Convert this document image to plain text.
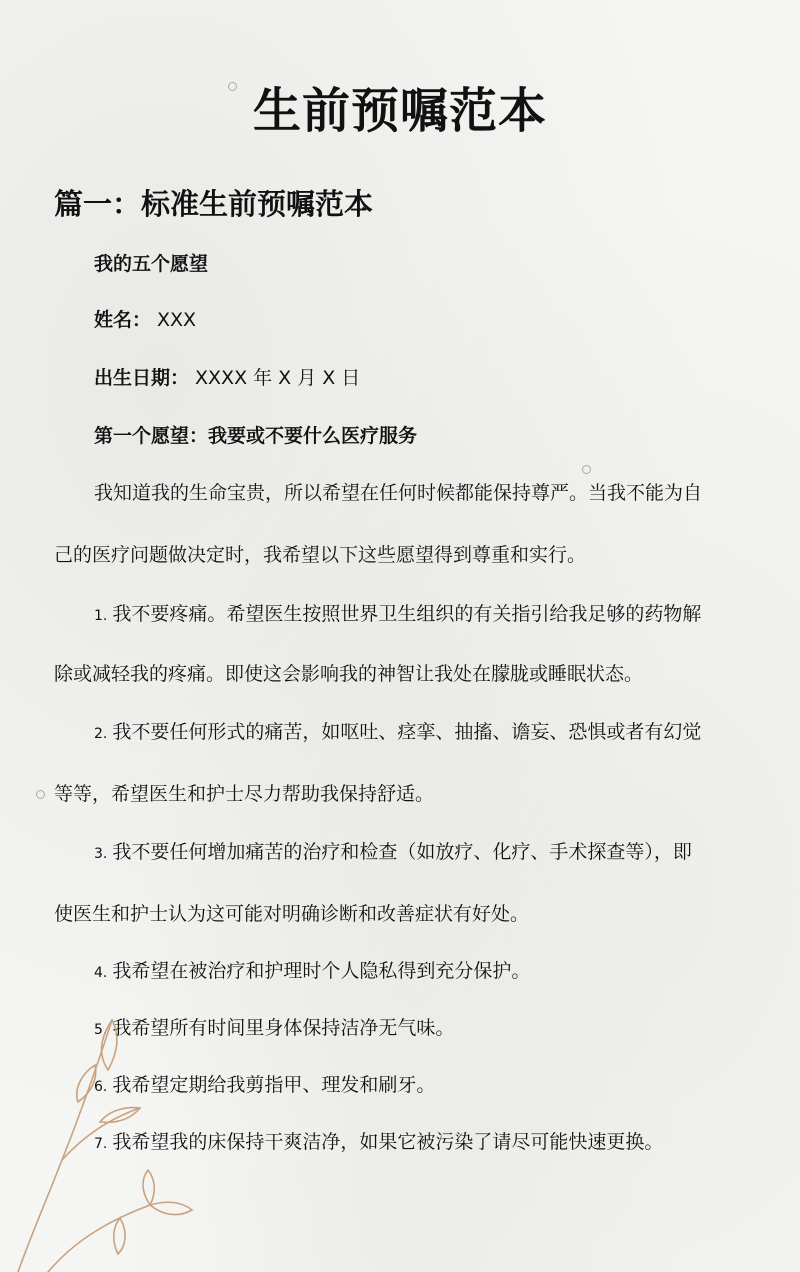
生前预嘱范本
篇一：标准生前预嘱范本
我的五个愿望
姓名： XXX
出生日期： XXXX 年 X 月 X 日
第一个愿望：我要或不要什么医疗服务
我知道我的生命宝贵，所以希望在任何时候都能保持尊严。当我不能为自
己的医疗问题做决定时，我希望以下这些愿望得到尊重和实行。
1. 我不要疼痛。希望医生按照世界卫生组织的有关指引给我足够的药物解
除或减轻我的疼痛。即使这会影响我的神智让我处在朦胧或睡眠状态。
2. 我不要任何形式的痛苦，如呕吐、痉挛、抽搐、谵妄、恐惧或者有幻觉
等等，希望医生和护士尽力帮助我保持舒适。
3. 我不要任何增加痛苦的治疗和检查（如放疗、化疗、手术探查等），即
使医生和护士认为这可能对明确诊断和改善症状有好处。
4. 我希望在被治疗和护理时个人隐私得到充分保护。
5. 我希望所有时间里身体保持洁净无气味。
6. 我希望定期给我剪指甲、理发和刷牙。
7. 我希望我的床保持干爽洁净，如果它被污染了请尽可能快速更换。
